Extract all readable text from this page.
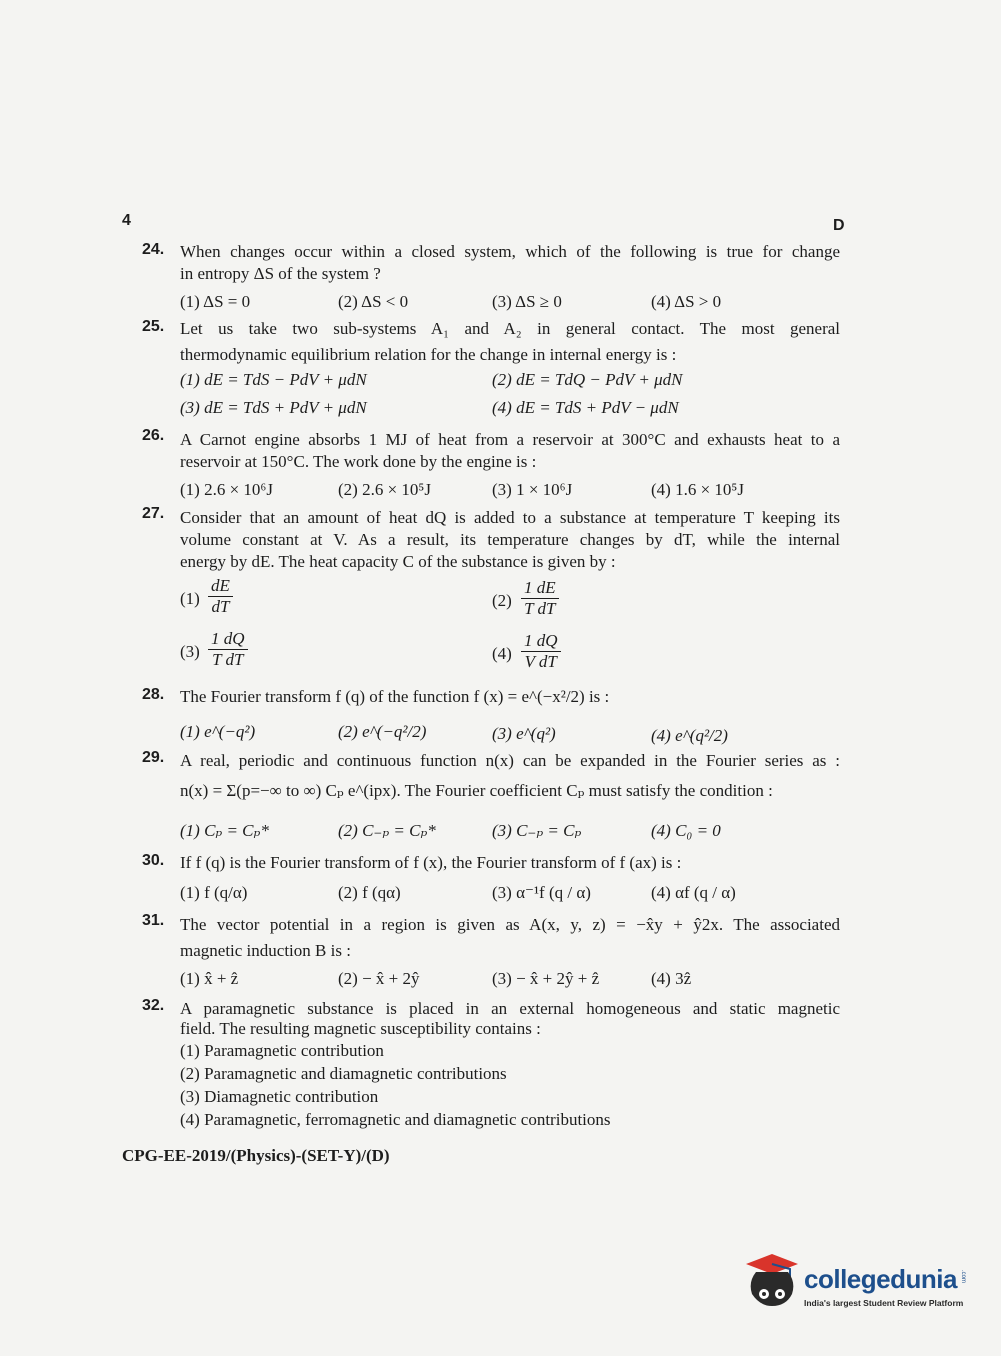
4	D
24. When changes occur within a closed system, which of the following is true for change
in entropy ΔS of the system ?
(1) ΔS = 0	(2) ΔS < 0	(3) ΔS ≥ 0	(4) ΔS > 0
25. Let us take two sub-systems A₁ and A₂ in general contact. The most general
thermodynamic equilibrium relation for the change in internal energy is :
(1) dE = TdS − PdV + μdN	(2) dE = TdQ − PdV + μdN
(3) dE = TdS + PdV + μdN	(4) dE = TdS + PdV − μdN
26. A Carnot engine absorbs 1 MJ of heat from a reservoir at 300°C and exhausts heat to a
reservoir at 150°C. The work done by the engine is :
(1) 2.6 × 10⁶J	(2) 2.6 × 10⁵J	(3) 1 × 10⁶J	(4) 1.6 × 10⁵J
27. Consider that an amount of heat dQ is added to a substance at temperature T keeping its
volume constant at V. As a result, its temperature changes by dT, while the internal
energy by dE. The heat capacity C of the substance is given by :
$(1) \frac{dE}{dT}$	$(2) \frac{1 dE}{\text{T dT}}$
$(3) \frac{1 dQ}{\text{T dT}}$	$(4) \frac{1 dQ}{\text{V dT}}$
28. The Fourier transform f (q) of the function f (x) = e^(−x²/2) is :
(1) e^(−q²)	(2) e^(−q²/2)	(3) e^(q²)	(4) e^(q²/2)
29. A real, periodic and continuous function n(x) can be expanded in the Fourier series as :
n(x) = Σ(p=−∞ to ∞) Cₚ e^(ipx). The Fourier coefficient Cₚ must satisfy the condition :
(1) Cₚ = Cₚ*	(2) C₋ₚ = Cₚ*	(3) C₋ₚ = Cₚ	(4) C₀ = 0
30. If f (q) is the Fourier transform of f (x), the Fourier transform of f (ax) is :
(1) f (q/α)	(2) f (qα)	(3) α⁻¹f (q / α)	(4) αf (q / α)
31. The vector potential in a region is given as A(x, y, z) = −x̂y + ŷ2x. The associated
magnetic induction B is :
(1) x̂ + ẑ	(2) − x̂ + 2ŷ	(3) − x̂ + 2ŷ + ẑ	(4) 3ẑ
32. A paramagnetic substance is placed in an external homogeneous and static magnetic
field. The resulting magnetic susceptibility contains :
(1) Paramagnetic contribution
(2) Paramagnetic and diamagnetic contributions
(3) Diamagnetic contribution
(4) Paramagnetic, ferromagnetic and diamagnetic contributions
CPG-EE-2019/(Physics)-(SET-Y)/(D)
collegedunia .com
India's largest Student Review Platform
